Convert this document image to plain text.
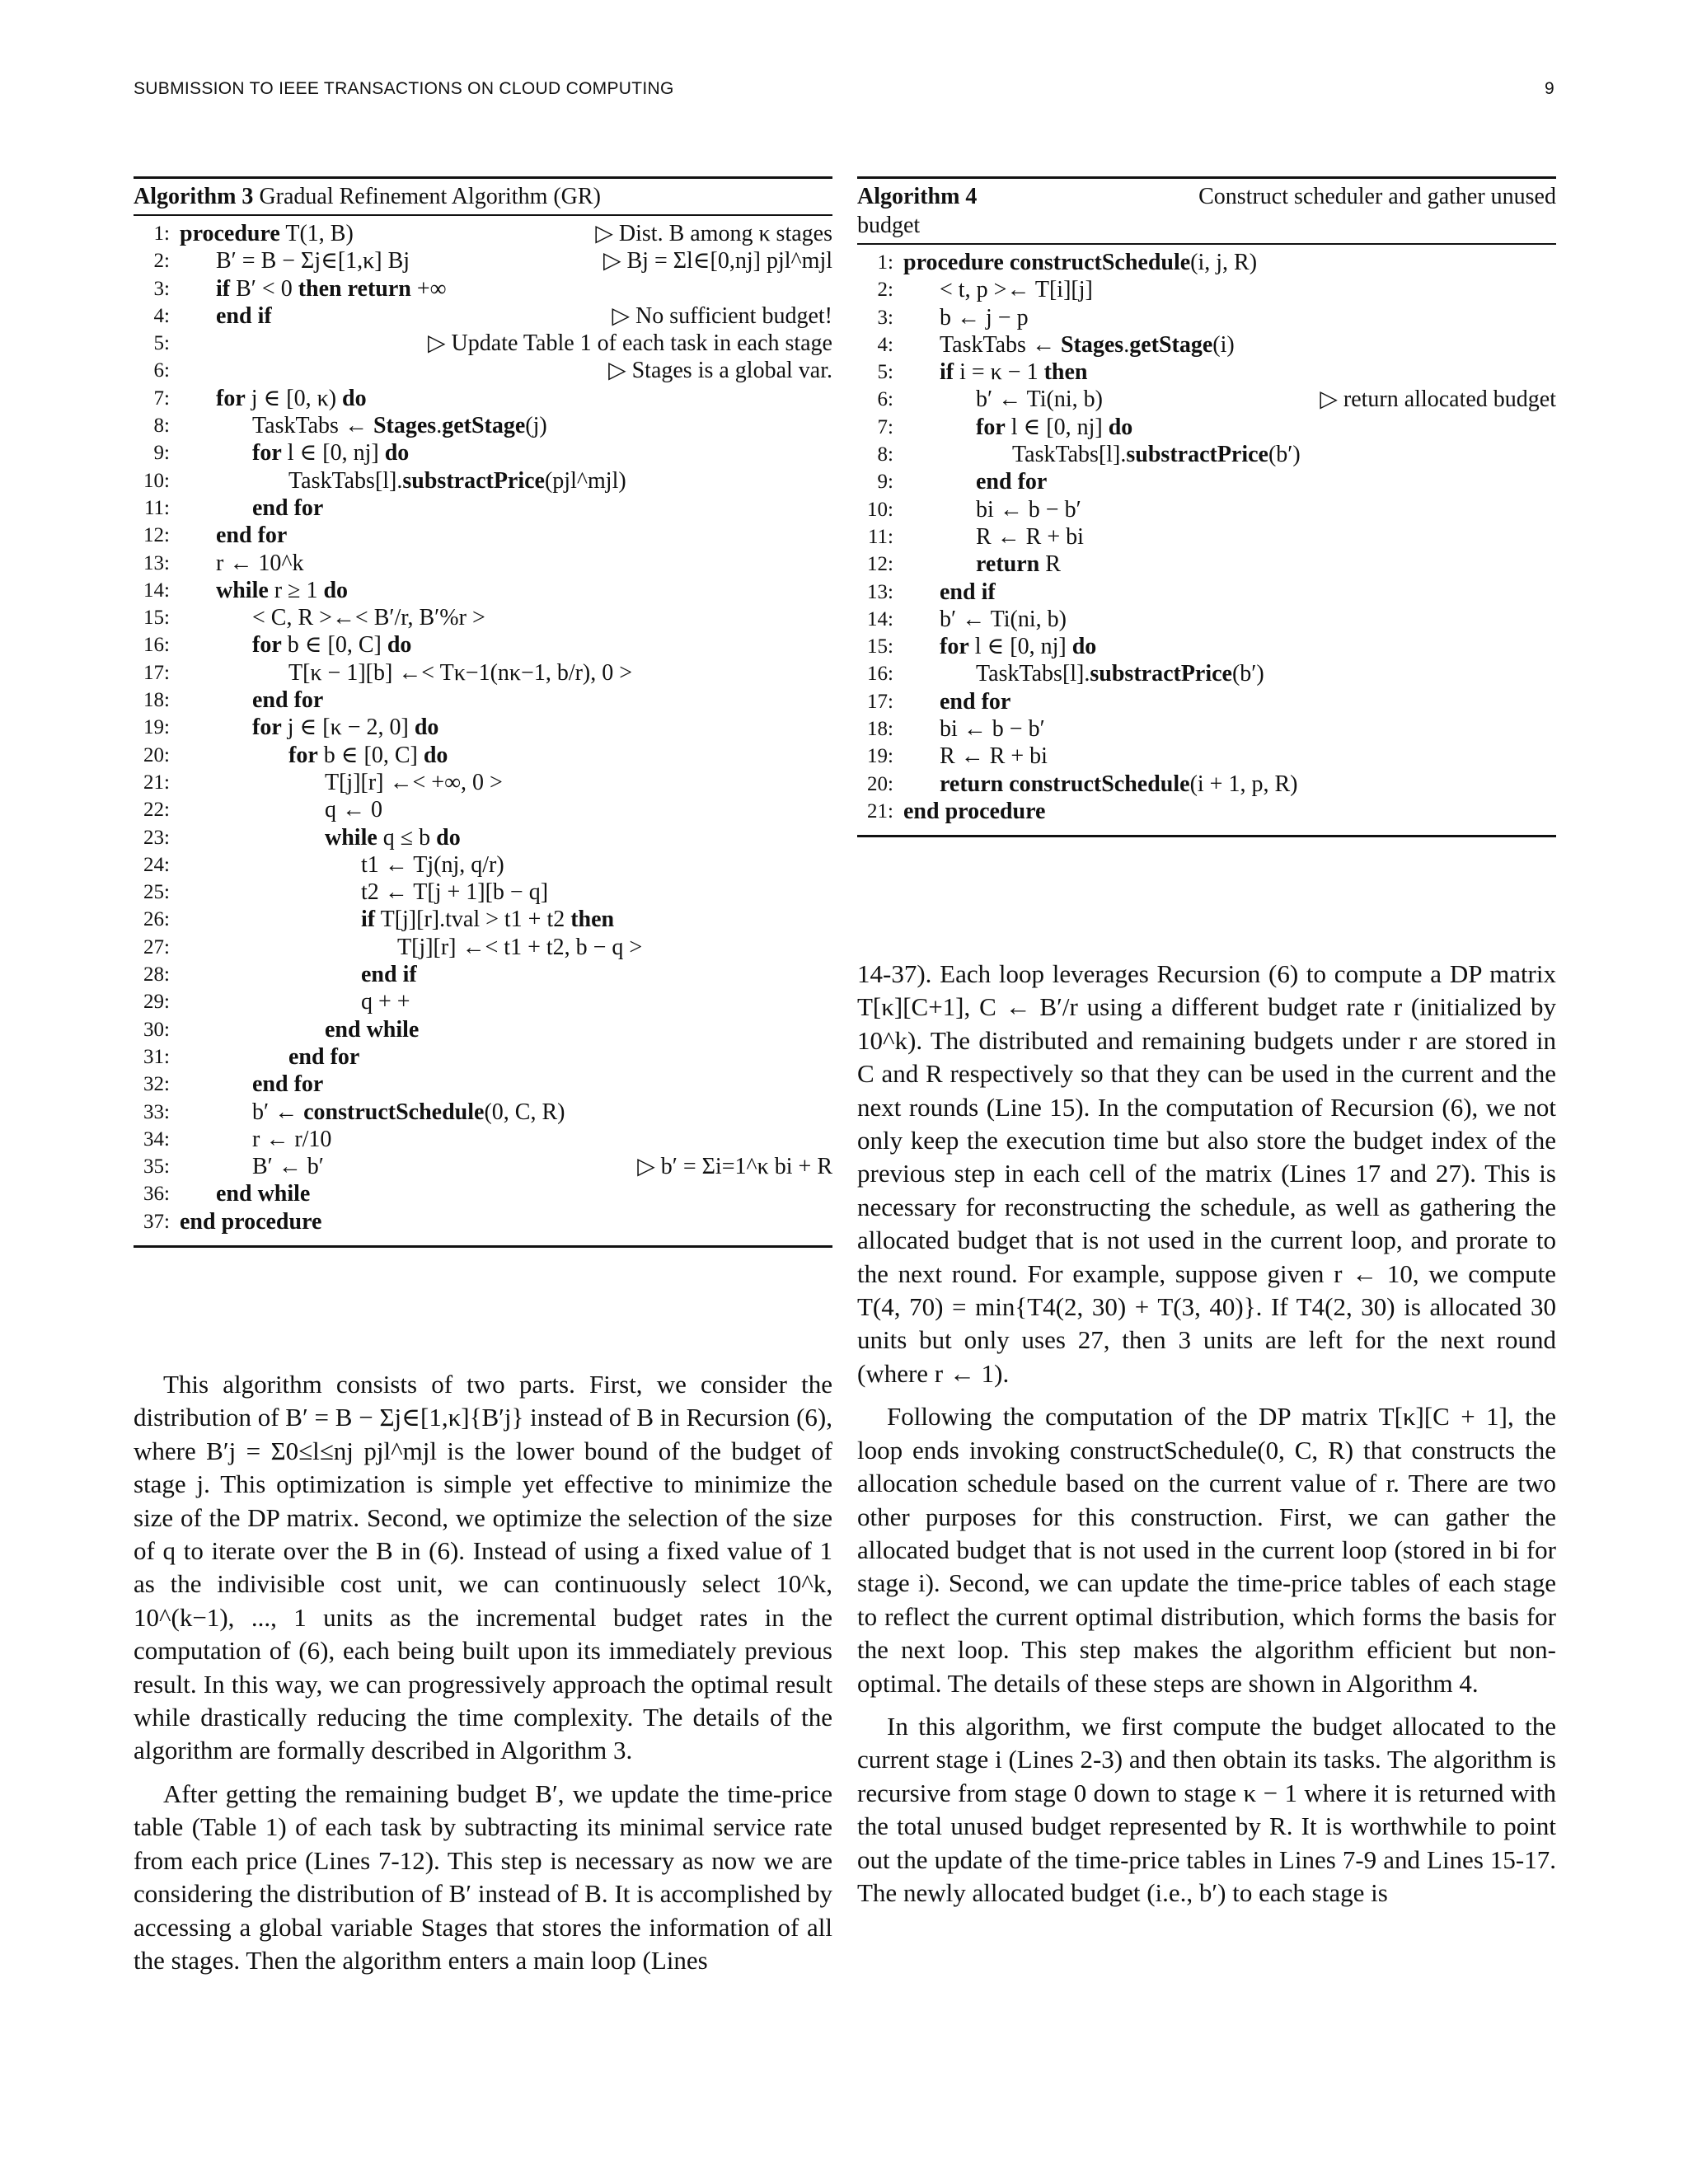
SUBMISSION TO IEEE TRANSACTIONS ON CLOUD COMPUTING	9
Algorithm 3 Gradual Refinement Algorithm (GR)
1: procedure T(1, B)	▷ Dist. B among κ stages
2:	B′ = B − Σj∈[1,κ] Bj	▷ Bj = Σl∈[0,nj] pjl^mjl
3:	if B′ < 0 then return +∞
4:	end if	▷ No sufficient budget!
5:	▷ Update Table 1 of each task in each stage
6:	▷ Stages is a global var.
7:	for j ∈ [0, κ) do
8:	TaskTabs ← Stages.getStage(j)
9:	for l ∈ [0, nj] do
10:	TaskTabs[l].substractPrice(pjl^mjl)
11:	end for
12:	end for
13:	r ← 10^k
14:	while r ≥ 1 do
15:	< C, R >←< B′/r, B′%r >
16:	for b ∈ [0, C] do
17:	T[κ − 1][b] ←< Tκ−1(nκ−1, b/r), 0 >
18:	end for
19:	for j ∈ [κ − 2, 0] do
20:	for b ∈ [0, C] do
21:	T[j][r] ←< +∞, 0 >
22:	q ← 0
23:	while q ≤ b do
24:	t1 ← Tj(nj, q/r)
25:	t2 ← T[j + 1][b − q]
26:	if T[j][r].tval > t1 + t2 then
27:	T[j][r] ←< t1 + t2, b − q >
28:	end if
29:	q + +
30:	end while
31:	end for
32:	end for
33:	b′ ← constructSchedule(0, C, R)
34:	r ← r/10
35:	B′ ← b′	▷ b′ = Σi=1^κ bi + R
36:	end while
37: end procedure
Algorithm 4	Construct scheduler and gather unused
budget
1: procedure constructSchedule(i, j, R)
2:	< t, p >← T[i][j]
3:	b ← j − p
4:	TaskTabs ← Stages.getStage(i)
5:	if i = κ − 1 then
6:	b′ ← Ti(ni, b)	▷ return allocated budget
7:	for l ∈ [0, nj] do
8:	TaskTabs[l].substractPrice(b′)
9:	end for
10:	bi ← b − b′
11:	R ← R + bi
12:	return R
13:	end if
14:	b′ ← Ti(ni, b)
15:	for l ∈ [0, nj] do
16:	TaskTabs[l].substractPrice(b′)
17:	end for
18:	bi ← b − b′
19:	R ← R + bi
20:	return constructSchedule(i + 1, p, R)
21: end procedure

This algorithm consists of two parts. First, we consider the distribution of B′ = B − Σj∈[1,κ]{B′j} instead of B in Recursion (6), where B′j = Σ0≤l≤nj pjl^mjl is the lower bound of the budget of stage j. This optimization is simple yet effective to minimize the size of the DP matrix. Second, we optimize the selection of the size of q to iterate over the B in (6). Instead of using a fixed value of 1 as the indivisible cost unit, we can continuously select 10^k, 10^(k−1), ..., 1 units as the incremental budget rates in the computation of (6), each being built upon its immediately previous result. In this way, we can progressively approach the optimal result while drastically reducing the time complexity. The details of the algorithm are formally described in Algorithm 3.

After getting the remaining budget B′, we update the time-price table (Table 1) of each task by subtracting its minimal service rate from each price (Lines 7-12). This step is necessary as now we are considering the distribution of B′ instead of B. It is accomplished by accessing a global variable Stages that stores the information of all the stages. Then the algorithm enters a main loop (Lines

14-37). Each loop leverages Recursion (6) to compute a DP matrix T[κ][C+1], C ← B′/r using a different budget rate r (initialized by 10^k). The distributed and remaining budgets under r are stored in C and R respectively so that they can be used in the current and the next rounds (Line 15). In the computation of Recursion (6), we not only keep the execution time but also store the budget index of the previous step in each cell of the matrix (Lines 17 and 27). This is necessary for reconstructing the schedule, as well as gathering the allocated budget that is not used in the current loop, and prorate to the next round. For example, suppose given r ← 10, we compute T(4, 70) = min{T4(2, 30) + T(3, 40)}. If T4(2, 30) is allocated 30 units but only uses 27, then 3 units are left for the next round (where r ← 1).

Following the computation of the DP matrix T[κ][C + 1], the loop ends invoking constructSchedule(0, C, R) that constructs the allocation schedule based on the current value of r. There are two other purposes for this construction. First, we can gather the allocated budget that is not used in the current loop (stored in bi for stage i). Second, we can update the time-price tables of each stage to reflect the current optimal distribution, which forms the basis for the next loop. This step makes the algorithm efficient but non-optimal. The details of these steps are shown in Algorithm 4.

In this algorithm, we first compute the budget allocated to the current stage i (Lines 2-3) and then obtain its tasks. The algorithm is recursive from stage 0 down to stage κ − 1 where it is returned with the total unused budget represented by R. It is worthwhile to point out the update of the time-price tables in Lines 7-9 and Lines 15-17. The newly allocated budget (i.e., b′) to each stage is
